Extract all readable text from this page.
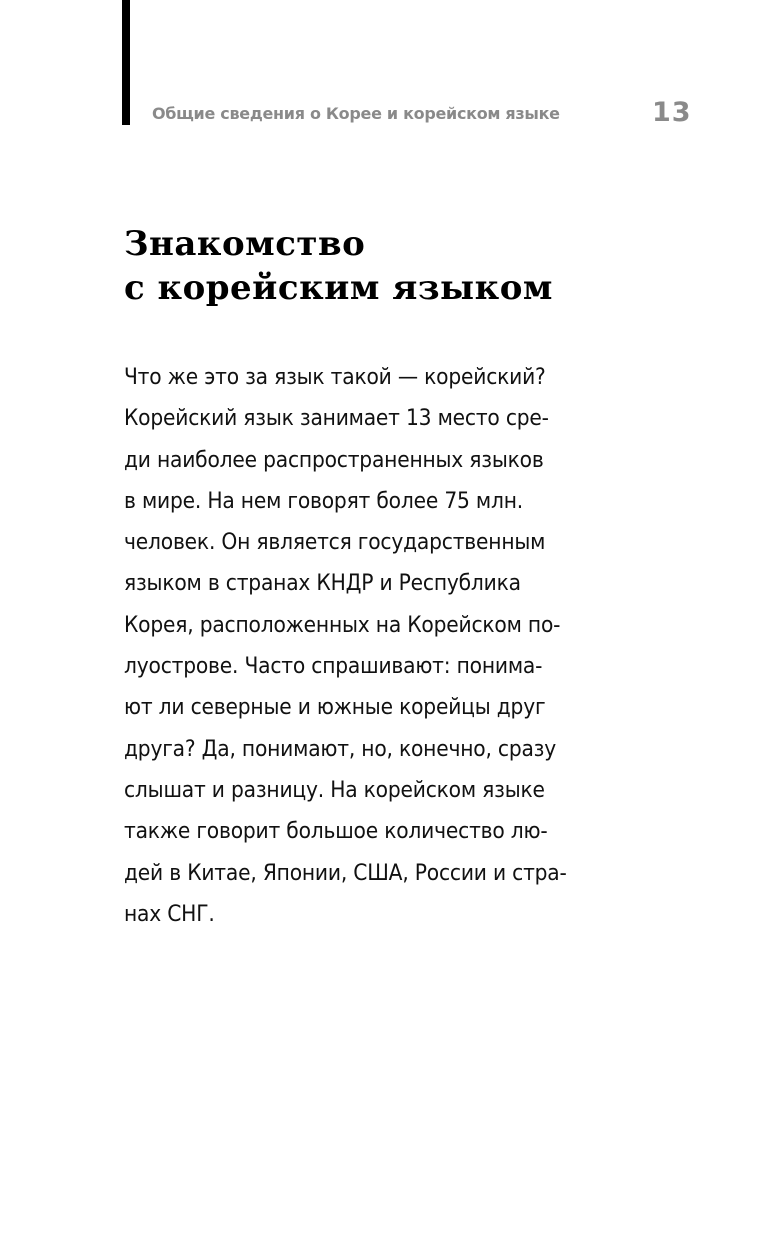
Общие сведения о Корее и корейском языке	13
Знакомство
с корейским языком
Что же это за язык такой — корейский?
Корейский язык занимает 13 место сре-
ди наиболее распространенных языков
в мире. На нем говорят более 75 млн.
человек. Он является государственным
языком в странах КНДР и Республика
Корея, расположенных на Корейском по-
луострове. Часто спрашивают: понима-
ют ли северные и южные корейцы друг
друга? Да, понимают, но, конечно, сразу
слышат и разницу. На корейском языке
также говорит большое количество лю-
дей в Китае, Японии, США, России и стра-
нах СНГ.
